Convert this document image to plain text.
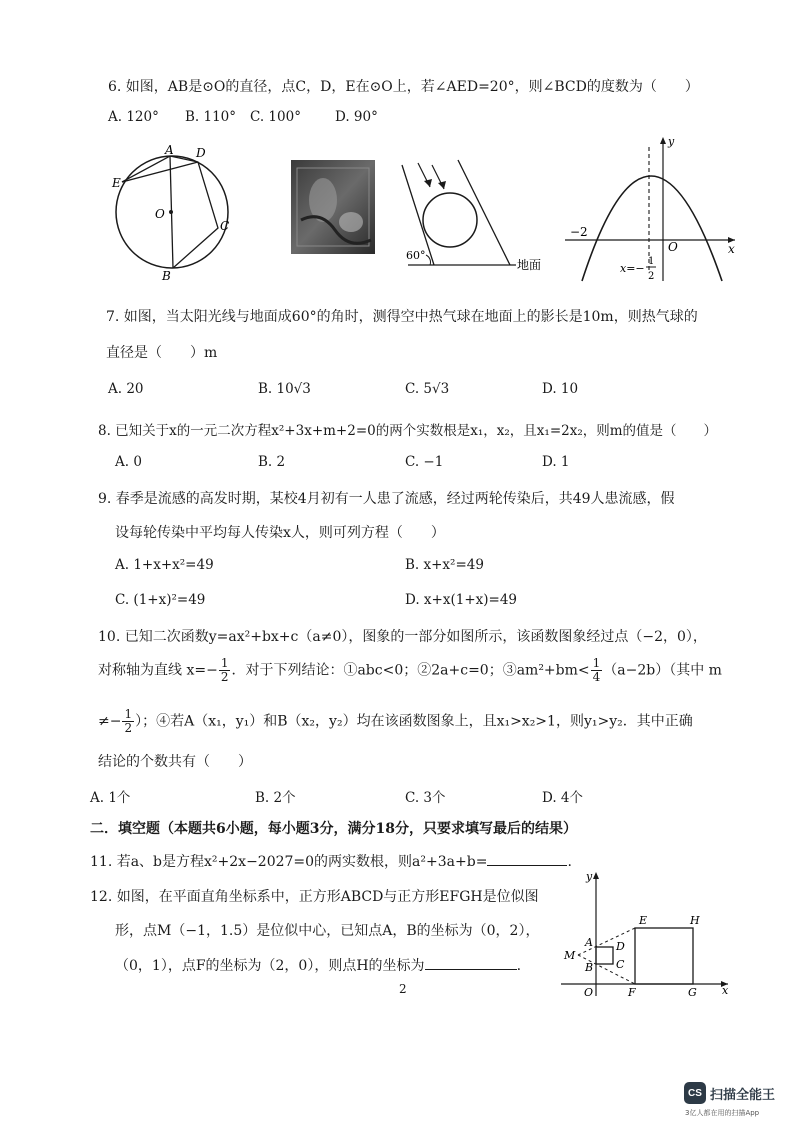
6. 如图，AB是⊙O的直径，点C，D，E在⊙O上，若∠AED=20°，则∠BCD的度数为（　　）
A. 120° B. 110° C. 100°	D. 90°
A D
E
O
C
B
60°
地面
y
x
−2
O
x=−
1
2
7. 如图，当太阳光线与地面成60°的角时，测得空中热气球在地面上的影长是10m，则热气球的
直径是（　　）m
A. 20	B. 10√3	C. 5√3	D. 10
8. 已知关于x的一元二次方程x²+3x+m+2=0的两个实数根是x₁，x₂，且x₁=2x₂，则m的值是（　　）
A. 0	B. 2	C. −1	D. 1
9. 春季是流感的高发时期，某校4月初有一人患了流感，经过两轮传染后，共49人患流感，假
设每轮传染中平均每人传染x人，则可列方程（　　）
A. 1+x+x²=49	B. x+x²=49
C. (1+x)²=49	D. x+x(1+x)=49
10. 已知二次函数y=ax²+bx+c（a≠0），图象的一部分如图所示，该函数图象经过点（−2，0），
对称轴为直线 $x=- \frac{1}{2}$ ．对于下列结论：①abc<0；②2a+c=0；③am²+bm< $\frac{1}{4} (a-2b)$（其中 m
≠− $\frac{1}{2}$ ）；④若A（x₁，y₁）和B（x₂，y₂）均在该函数图象上，且x₁>x₂>1，则y₁>y₂．其中正确
结论的个数共有（　　）
A. 1个	B. 2个	C. 3个	D. 4个
二．填空题（本题共6小题，每小题3分，满分18分，只要求填写最后的结果）
11. 若a、b是方程x²+2x−2027=0的两实数根，则a²+3a+b=	.
12. 如图，在平面直角坐标系中，正方形ABCD与正方形EFGH是位似图
形，点M（−1，1.5）是位似中心，已知点A，B的坐标为（0，2），
（0，1），点F的坐标为（2，0），则点H的坐标为	.
y
x
E	H
A D
M
B C
O	F	G
2
CS 扫描全能王
3亿人都在用的扫描App
